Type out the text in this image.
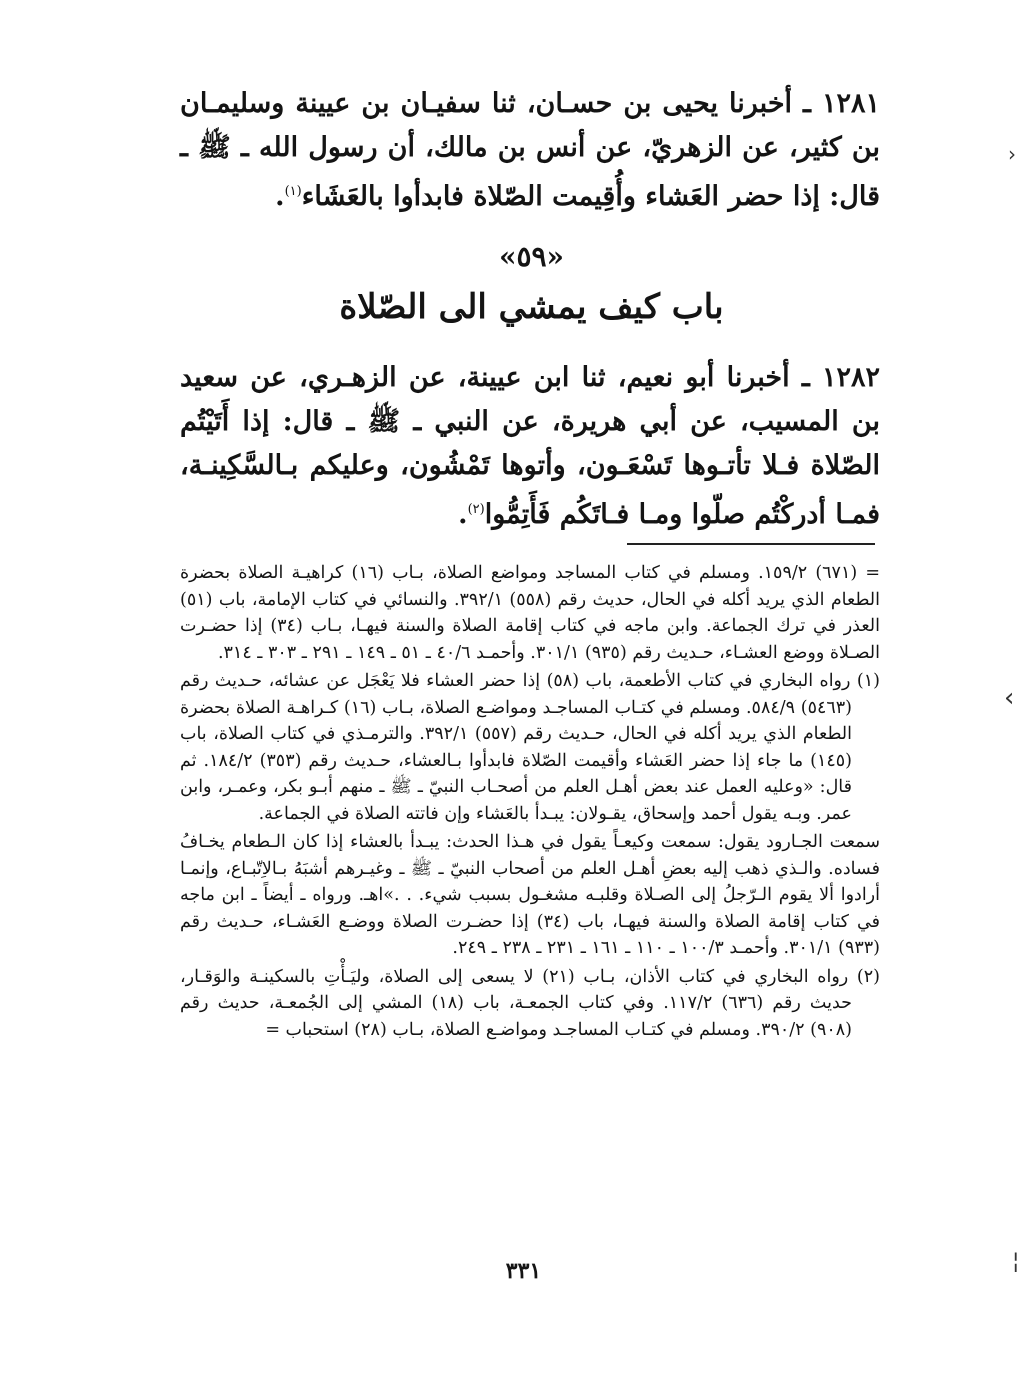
١٢٨١ ـ أخبرنا يحيى بن حسـان، ثنا سفيـان بن عيينة وسليمـان بن كثير، عن الزهريّ، عن أنس بن مالك، أن رسول الله ـ ﷺ ـ قال: إذا حضر العَشاء وأُقِيمت الصّلاة فابدأوا بالعَشَاء$^{(١)}$.
«٥٩»
باب كيف يمشي الى الصّلاة
١٢٨٢ ـ أخبرنا أبو نعيم، ثنا ابن عيينة، عن الزهـري، عن سعيد بن المسيب، عن أبي هريرة، عن النبي ـ ﷺ ـ قال: إذا أَتَيْتُم الصّلاة فـلا تأتـوها تَسْعَـون، وأتوها تَمْشُون، وعليكم بـالسَّكِينـة، فمـا أدركْتُم صلّوا ومـا فـاتَكُم فَأَتِمُّوا$^{(٢)}$.

= (٦٧١) ١٥٩/٢. ومسلم في كتاب المساجد ومواضع الصلاة، بـاب (١٦) كراهيـة الصلاة بحضرة الطعام الذي يريد أكله في الحال، حديث رقم (٥٥٨) ٣٩٢/١. والنسائي في كتاب الإمامة، باب (٥١) العذر في ترك الجماعة. وابن ماجه في كتاب إقامة الصلاة والسنة فيهـا، بـاب (٣٤) إذا حضـرت الصـلاة ووضع العشـاء، حـديث رقم (٩٣٥) ٣٠١/١. وأحمـد ٤٠/٦ ـ ٥١ ـ ١٤٩ ـ ٢٩١ ـ ٣٠٣ ـ ٣١٤.

(١) رواه البخاري في كتاب الأطعمة، باب (٥٨) إذا حضر العشاء فلا يَعْجَل عن عشائه، حـديث رقم (٥٤٦٣) ٥٨٤/٩. ومسلم في كتـاب المساجـد ومواضـع الصلاة، بـاب (١٦) كـراهـة الصلاة بحضرة الطعام الذي يريد أكله في الحال، حـديث رقم (٥٥٧) ٣٩٢/١. والترمـذي في كتاب الصلاة، باب (١٤٥) ما جاء إذا حضر العَشاء وأقيمت الصّلاة فابدأوا بـالعشاء، حـديث رقم (٣٥٣) ١٨٤/٢. ثم قال: «وعليه العمل عند بعض أهـل العلم من أصحـاب النبيّ ـ ﷺ ـ منهم أبـو بكر، وعمـر، وابن عمر. وبـه يقول أحمد وإسحاق، يقـولان: يبـدأ بالعَشاء وإن فاتته الصلاة في الجماعة.

سمعت الجـارود يقول: سمعت وكيعـاً يقول في هـذا الحدث: يبـدأ بالعشاء إذا كان الـطعام يخـافُ فساده. والـذي ذهب إليه بعضِ أهـل العلم من أصحاب النبيّ ـ ﷺ ـ وغيـرهم أشبَهُ بـالاِتّبـاع، وإنمـا أرادوا ألا يقوم الـرّجلُ إلى الصـلاة وقلبـه مشغـول بسبب شيء. . .»اهـ. ورواه ـ أيضاً ـ ابن ماجه في كتاب إقامة الصلاة والسنة فيهـا، باب (٣٤) إذا حضـرت الصلاة ووضـع العَشـاء، حـديث رقم (٩٣٣) ٣٠١/١. وأحمـد ١٠٠/٣ ـ ١١٠ ـ ١٦١ ـ ٢٣١ ـ ٢٣٨ ـ ٢٤٩.

(٢) رواه البخاري في كتاب الأذان، بـاب (٢١) لا يسعى إلى الصلاة، وليَـأْتِ بالسكينـة والوَقـار، حديث رقم (٦٣٦) ١١٧/٢. وفي كتاب الجمعـة، باب (١٨) المشي إلى الجُمعـة، حديث رقم (٩٠٨) ٣٩٠/٢. ومسلم في كتـاب المساجـد ومواضـع الصلاة، بـاب (٢٨) استحباب =

٣٣١
›
‹
¦
